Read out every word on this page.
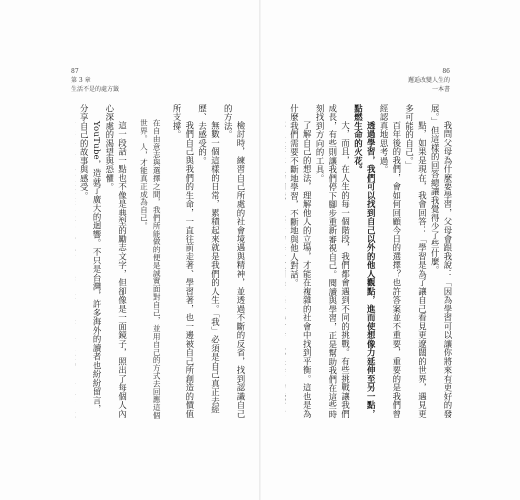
87
第 3 章
生活不是的處方籤
86
邂逅改變人生的
一本書

我問父母為什麼要學習，父母會跟我說：「因為學習可以讓你將來有更好的發展。」但這樣的回答總讓我覺得少了些什麼。

點，如果是現在，我會回答：「學習是為了讓自己看見更遼闊的世界，遇見更多可能的自己。」

百年後的我們，會如何回顧今日的選擇？也許答案並不重要，重要的是我們曾經認真地思考過。

透過學習，我們可以找到自己以外的他人觀點，進而使想像力延伸至另一點，點燃生命的火花。

大，而且，在人生的每一個階段，我們都會遇到不同的挑戰。有些挑戰讓我們成長，有些則讓我們停下腳步重新審視自己。閱讀與學習，正是幫助我們在這些時刻找到方向的工具。

了解自己的想法，理解他人的立場，才能在複雜的社會中找到平衡。這也是為什麼我們需要不斷地學習，不斷地與他人對話。

檢討時，練習自己所處的社會境遇與精神，並透過不斷的反省，找到認識自己的方法。

無數一個這樣的日常，累積起來就是我們的人生。「我」必須是自己真正去經歷、去感受的。

我們自己與我們的生命，一直往前走著、學習著，也一邊被自己所創造的價值所支撐。

在自由意志與選擇之間，我們所能做的便是誠實面對自己，並用自己的方式去回應這個世界。人，才能真正成為自己。

這一段話一點也不像是典型的勵志文字，但卻像是一面鏡子，照出了每個人內心深處的渴望與恐懼。

YouTube，造就了廣大的迴響。不只是台灣，許多海外的讀者也紛紛留言，分享自己的故事與感受。
